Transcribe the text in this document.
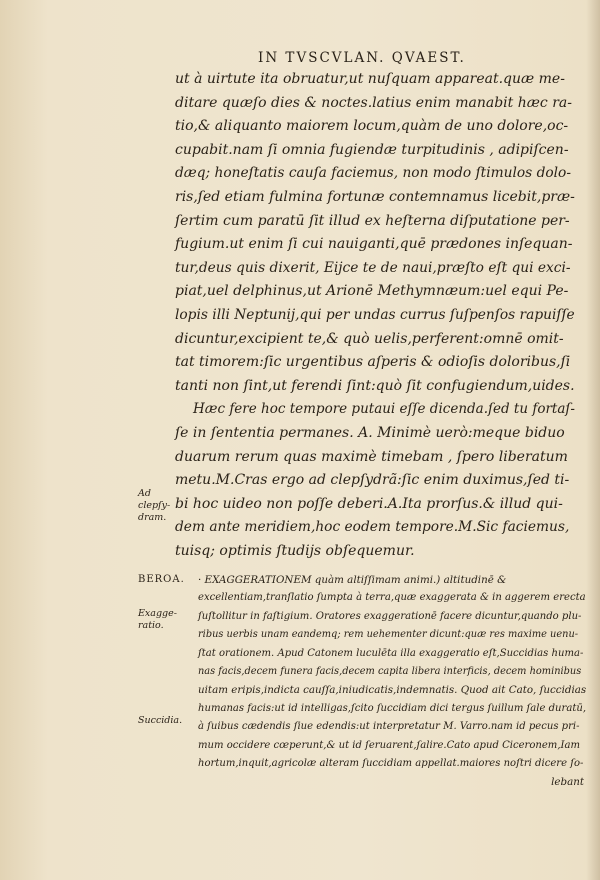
IN TVSCVLAN. QVAEST.
ut à uirtute ita obruatur,ut nuſquam appareat.quæ me-
ditare quæſo dies & noctes.latius enim manabit hæc ra-
tio,& aliquanto maiorem locum,quàm de uno dolore,oc-
cupabit.nam ſi omnia fugiendæ turpitudinis , adipiſcen-
dæq; honeſtatis cauſa faciemus, non modo ſtimulos dolo-
ris,ſed etiam fulmina fortunæ contemnamus licebit,præ-
ſertim cum paratū ſit illud ex heſterna diſputatione per-
fugium.ut enim ſi cui nauiganti,quē prædones inſequan-
tur,deus quis dixerit, Eijce te de naui,præſto eſt qui exci-
piat,uel delphinus,ut Arionē Methymnæum:uel equi Pe-
lopis illi Neptunij,qui per undas currus ſuſpenſos rapuiſſe
dicuntur,excipient te,& quò uelis,perferent:omnē omit-
tat timorem:ſic urgentibus aſperis & odioſis doloribus,ſi
tanti non ſint,ut ferendi ſint:quò ſit confugiendum,uides.
Hæc fere hoc tempore putaui eſſe dicenda.ſed tu fortaſ-
ſe in ſententia permanes. A. Minimè uerò:meque biduo
duarum rerum quas maximè timebam , ſpero liberatum
metu.M.Cras ergo ad clepſydrã:ſic enim duximus,ſed ti-
bi hoc uideo non poſſe deberi.A.Ita prorſus.& illud qui-
dem ante meridiem,hoc eodem tempore.M.Sic faciemus,
tuisq; optimis ſtudijs obſequemur.
Ad clepſy- dram.
BEROA.
Exagge- ratio.
Succidia.
· EXAGGERATIONEM quàm altiſſimam animi.) altitudinē &
excellentiam,tranſlatio ſumpta à terra,quæ exaggerata & in aggerem erecta
ſuſtollitur in faſtigium. Oratores exaggerationē facere dicuntur,quando plu-
ribus uerbis unam eandemq; rem uehementer dicunt:quæ res maxime uenu-
ſtat orationem. Apud Catonem luculēta illa exaggeratio eſt,Succidias huma-
nas facis,decem funera facis,decem capita libera interficis, decem hominibus
uitam eripis,indicta cauſſa,iniudicatis,indemnatis. Quod ait Cato, ſuccidias
humanas facis:ut id intelligas,ſcito ſuccidiam dici tergus ſuillum ſale duratū,
à ſuibus cædendis ſiue edendis:ut interpretatur M. Varro.nam id pecus pri-
mum occidere cœperunt,& ut id ſeruarent,ſalire.Cato apud Ciceronem,Iam
hortum,inquit,agricolæ alteram ſuccidiam appellat.maiores noſtri dicere ſo-
lebant
